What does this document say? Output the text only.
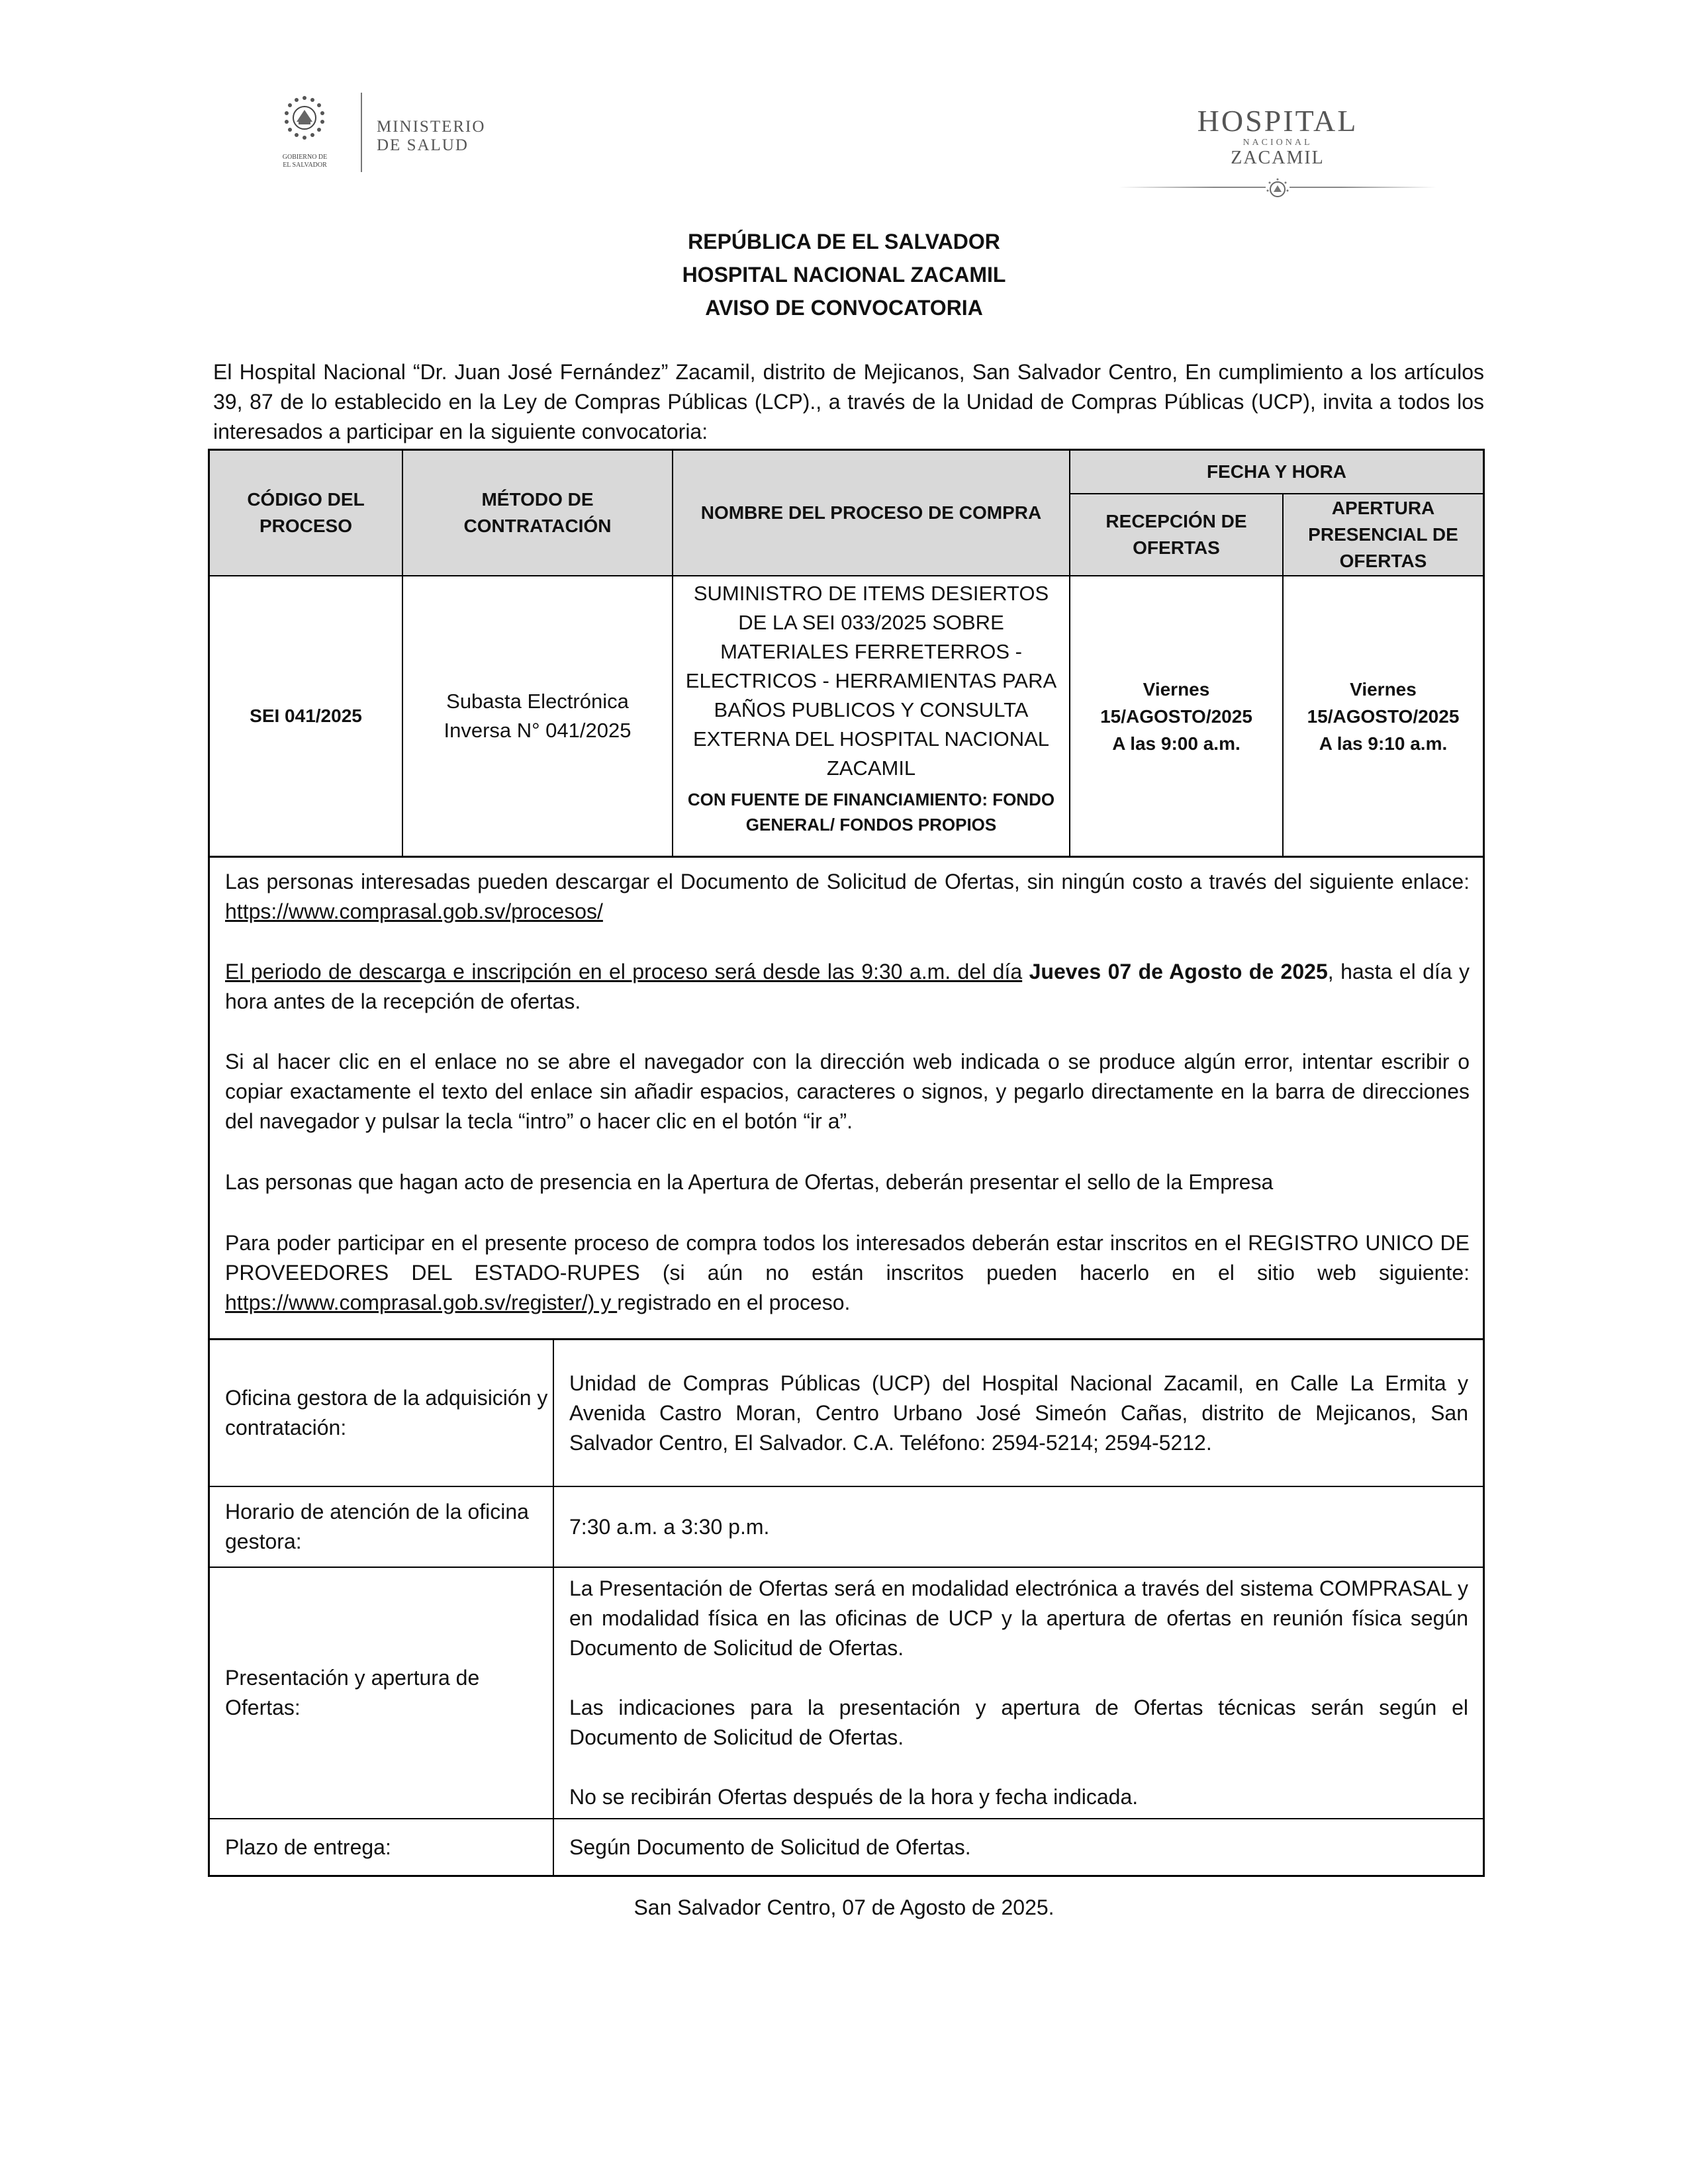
GOBIERNO DE
EL SALVADOR
MINISTERIO
DE SALUD
HOSPITAL
NACIONAL
ZACAMIL
REPÚBLICA DE EL SALVADOR
HOSPITAL NACIONAL ZACAMIL
AVISO DE CONVOCATORIA
El Hospital Nacional “Dr. Juan José Fernández” Zacamil, distrito de Mejicanos, San Salvador Centro, En cumplimiento a los artículos 39, 87 de lo establecido en la Ley de Compras Públicas (LCP)., a través de la Unidad de Compras Públicas (UCP), invita a todos los interesados a participar en la siguiente convocatoria:
CÓDIGO DEL PROCESO
MÉTODO DE CONTRATACIÓN
NOMBRE DEL PROCESO DE COMPRA
FECHA Y HORA
RECEPCIÓN DE OFERTAS
APERTURA PRESENCIAL DE OFERTAS
SEI 041/2025
Subasta Electrónica Inversa N° 041/2025
SUMINISTRO DE ITEMS DESIERTOS DE LA SEI 033/2025 SOBRE MATERIALES FERRETERROS - ELECTRICOS - HERRAMIENTAS PARA BAÑOS PUBLICOS Y CONSULTA EXTERNA DEL HOSPITAL NACIONAL ZACAMIL
CON FUENTE DE FINANCIAMIENTO: FONDO GENERAL/ FONDOS PROPIOS
Viernes
15/AGOSTO/2025
A las 9:00 a.m.
Viernes
15/AGOSTO/2025
A las 9:10 a.m.
Las personas interesadas pueden descargar el Documento de Solicitud de Ofertas, sin ningún costo a través del siguiente enlace: https://www.comprasal.gob.sv/procesos/
El periodo de descarga e inscripción en el proceso será desde las 9:30 a.m. del día Jueves 07 de Agosto de 2025, hasta el día y hora antes de la recepción de ofertas.
Si al hacer clic en el enlace no se abre el navegador con la dirección web indicada o se produce algún error, intentar escribir o copiar exactamente el texto del enlace sin añadir espacios, caracteres o signos, y pegarlo directamente en la barra de direcciones del navegador y pulsar la tecla “intro” o hacer clic en el botón “ir a”.
Las personas que hagan acto de presencia en la Apertura de Ofertas, deberán presentar el sello de la Empresa
Para poder participar en el presente proceso de compra todos los interesados deberán estar inscritos en el REGISTRO UNICO DE PROVEEDORES DEL ESTADO-RUPES (si aún no están inscritos pueden hacerlo en el sitio web siguiente: https://www.comprasal.gob.sv/register/) y registrado en el proceso.
Oficina gestora de la adquisición y contratación:
Unidad de Compras Públicas (UCP) del Hospital Nacional Zacamil, en Calle La Ermita y Avenida Castro Moran, Centro Urbano José Simeón Cañas, distrito de Mejicanos, San Salvador Centro, El Salvador. C.A. Teléfono: 2594-5214; 2594-5212.
Horario de atención de la oficina gestora:
7:30 a.m. a 3:30 p.m.
Presentación y apertura de Ofertas:
La Presentación de Ofertas será en modalidad electrónica a través del sistema COMPRASAL y en modalidad física en las oficinas de UCP y la apertura de ofertas en reunión física según Documento de Solicitud de Ofertas.
Las indicaciones para la presentación y apertura de Ofertas técnicas serán según el Documento de Solicitud de Ofertas.
No se recibirán Ofertas después de la hora y fecha indicada.
Plazo de entrega:	Según Documento de Solicitud de Ofertas.
San Salvador Centro, 07 de Agosto de 2025.
